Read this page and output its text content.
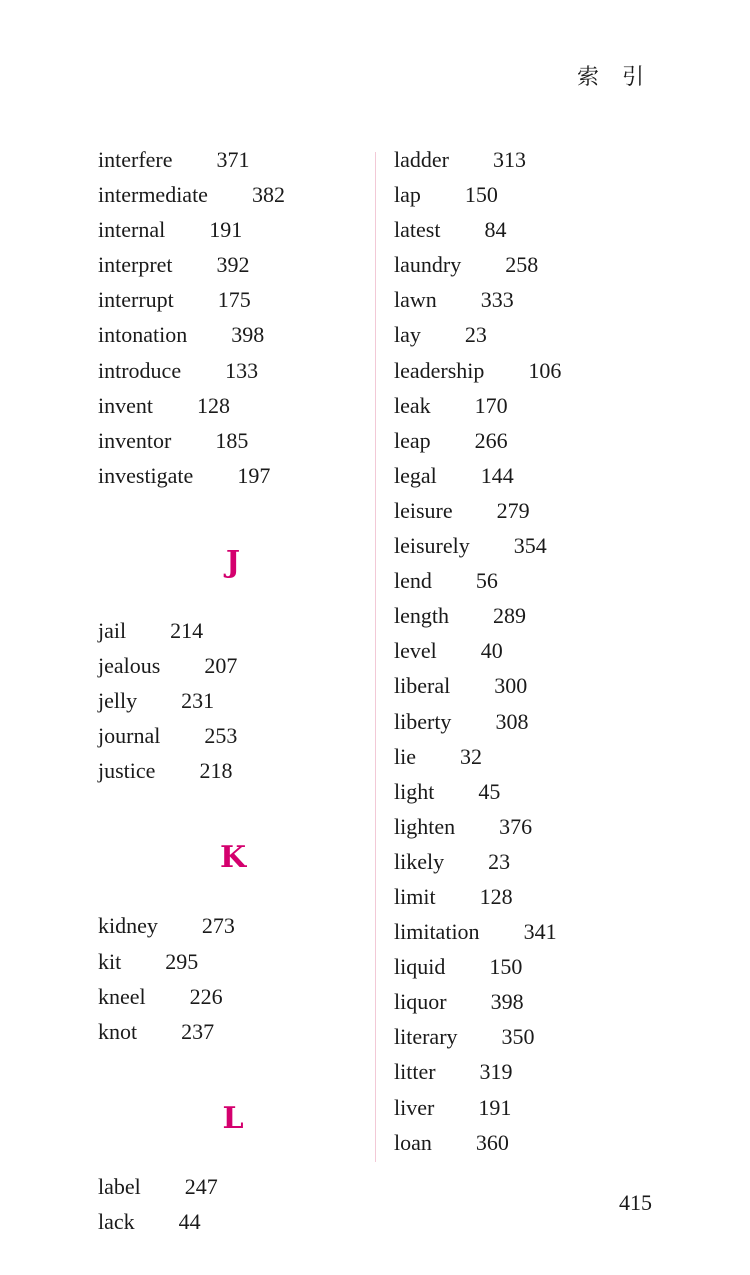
索 引
interfere 371
intermediate 382
internal 191
interpret 392
interrupt 175
intonation 398
introduce 133
invent 128
inventor 185
investigate 197
J
jail 214
jealous 207
jelly 231
journal 253
justice 218
K
kidney 273
kit 295
kneel 226
knot 237
L
label 247
lack 44
ladder 313
lap 150
latest 84
laundry 258
lawn 333
lay 23
leadership 106
leak 170
leap 266
legal 144
leisure 279
leisurely 354
lend 56
length 289
level 40
liberal 300
liberty 308
lie 32
light 45
lighten 376
likely 23
limit 128
limitation 341
liquid 150
liquor 398
literary 350
litter 319
liver 191
loan 360
415
